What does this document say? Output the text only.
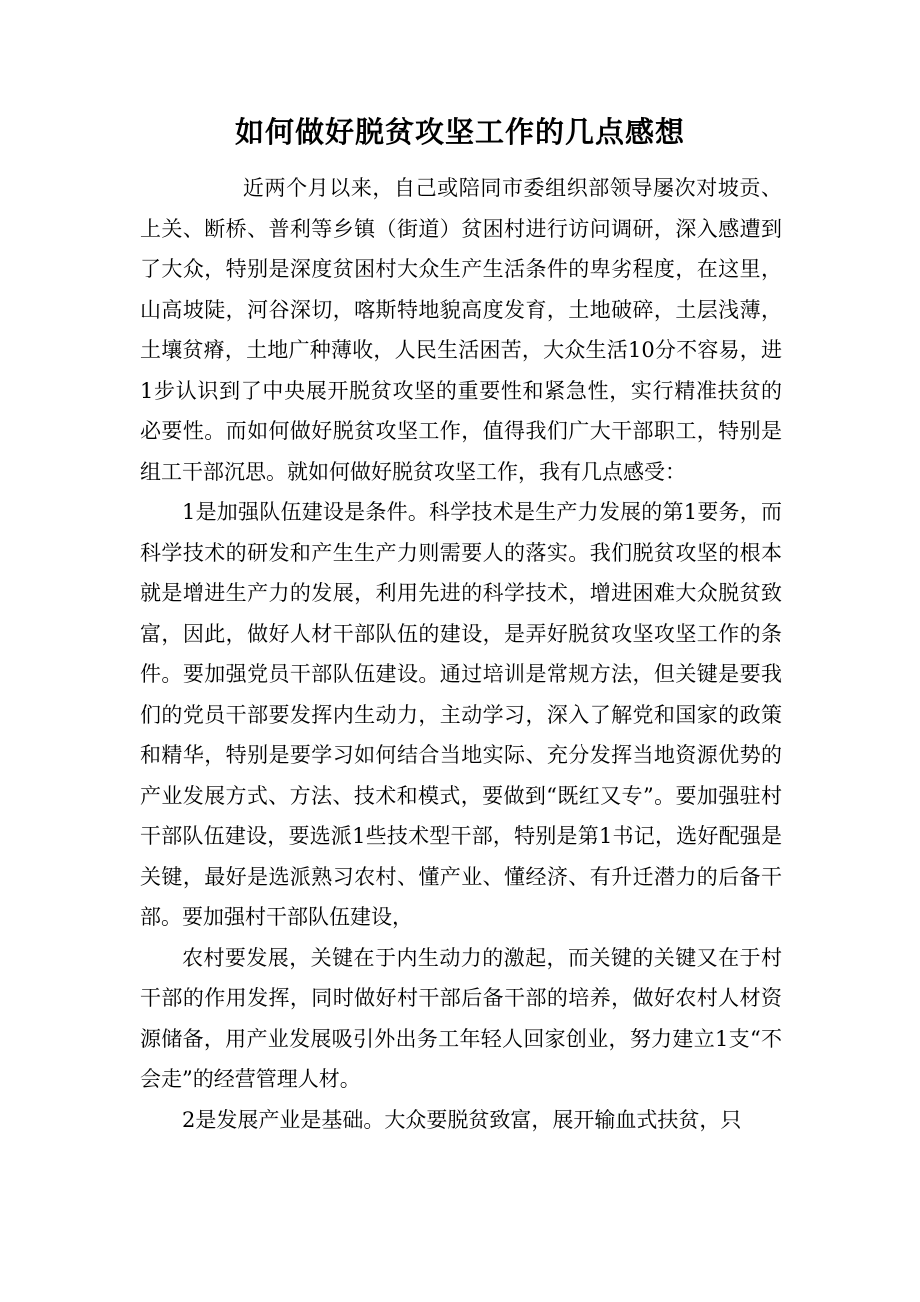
如何做好脱贫攻坚工作的几点感想

近两个月以来，自己或陪同市委组织部领导屡次对坡贡、上关、断桥、普利等乡镇（街道）贫困村进行访问调研，深入感遭到了大众，特别是深度贫困村大众生产生活条件的卑劣程度，在这里，山高坡陡，河谷深切，喀斯特地貌高度发育，土地破碎，土层浅薄，土壤贫瘠，土地广种薄收，人民生活困苦，大众生活10分不容易，进1步认识到了中央展开脱贫攻坚的重要性和紧急性，实行精准扶贫的必要性。而如何做好脱贫攻坚工作，值得我们广大干部职工，特别是组工干部沉思。就如何做好脱贫攻坚工作，我有几点感受：

1是加强队伍建设是条件。科学技术是生产力发展的第1要务，而科学技术的研发和产生生产力则需要人的落实。我们脱贫攻坚的根本就是增进生产力的发展，利用先进的科学技术，增进困难大众脱贫致富，因此，做好人材干部队伍的建设，是弄好脱贫攻坚攻坚工作的条件。要加强党员干部队伍建设。通过培训是常规方法，但关键是要我们的党员干部要发挥内生动力，主动学习，深入了解党和国家的政策和精华，特别是要学习如何结合当地实际、充分发挥当地资源优势的产业发展方式、方法、技术和模式，要做到“既红又专”。要加强驻村干部队伍建设，要选派1些技术型干部，特别是第1书记，选好配强是关键，最好是选派熟习农村、懂产业、懂经济、有升迁潜力的后备干部。要加强村干部队伍建设，

农村要发展，关键在于内生动力的激起，而关键的关键又在于村干部的作用发挥，同时做好村干部后备干部的培养，做好农村人材资源储备，用产业发展吸引外出务工年轻人回家创业，努力建立1支“不会走”的经营管理人材。

2是发展产业是基础。大众要脱贫致富，展开输血式扶贫，只
